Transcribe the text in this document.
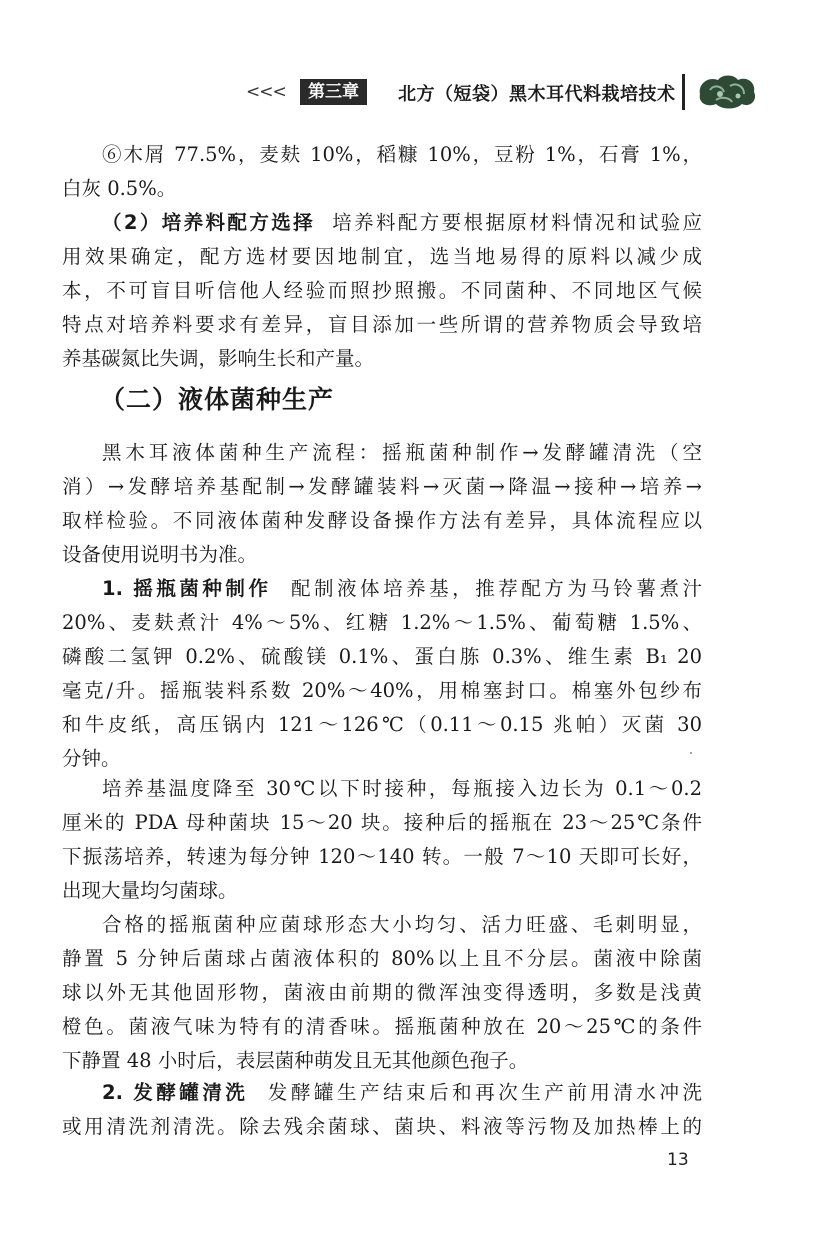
<<<	第三章	北方（短袋）黑木耳代料栽培技术
⑥木屑 77.5%，麦麸 10%，稻糠 10%，豆粉 1%，石膏 1%，
白灰 0.5%。
（2）培养料配方选择 培养料配方要根据原材料情况和试验应
用效果确定，配方选材要因地制宜，选当地易得的原料以减少成
本，不可盲目听信他人经验而照抄照搬。不同菌种、不同地区气候
特点对培养料要求有差异，盲目添加一些所谓的营养物质会导致培
养基碳氮比失调，影响生长和产量。
（二）液体菌种生产
黑木耳液体菌种生产流程：摇瓶菌种制作→发酵罐清洗（空
消）→发酵培养基配制→发酵罐装料→灭菌→降温→接种→培养→
取样检验。不同液体菌种发酵设备操作方法有差异，具体流程应以
设备使用说明书为准。
1. 摇瓶菌种制作 配制液体培养基，推荐配方为马铃薯煮汁
20%、麦麸煮汁 4%～5%、红糖 1.2%～1.5%、葡萄糖 1.5%、
磷酸二氢钾 0.2%、硫酸镁 0.1%、蛋白胨 0.3%、维生素 B₁ 20
毫克/升。摇瓶装料系数 20%～40%，用棉塞封口。棉塞外包纱布
和牛皮纸，高压锅内 121～126℃（0.11～0.15 兆帕）灭菌 30
分钟。
培养基温度降至 30℃以下时接种，每瓶接入边长为 0.1～0.2
厘米的 PDA 母种菌块 15～20 块。接种后的摇瓶在 23～25℃条件
下振荡培养，转速为每分钟 120～140 转。一般 7～10 天即可长好，
出现大量均匀菌球。
合格的摇瓶菌种应菌球形态大小均匀、活力旺盛、毛刺明显，
静置 5 分钟后菌球占菌液体积的 80%以上且不分层。菌液中除菌
球以外无其他固形物，菌液由前期的微浑浊变得透明，多数是浅黄
橙色。菌液气味为特有的清香味。摇瓶菌种放在 20～25℃的条件
下静置 48 小时后，表层菌种萌发且无其他颜色孢子。
2. 发酵罐清洗 发酵罐生产结束后和再次生产前用清水冲洗
或用清洗剂清洗。除去残余菌球、菌块、料液等污物及加热棒上的
13
